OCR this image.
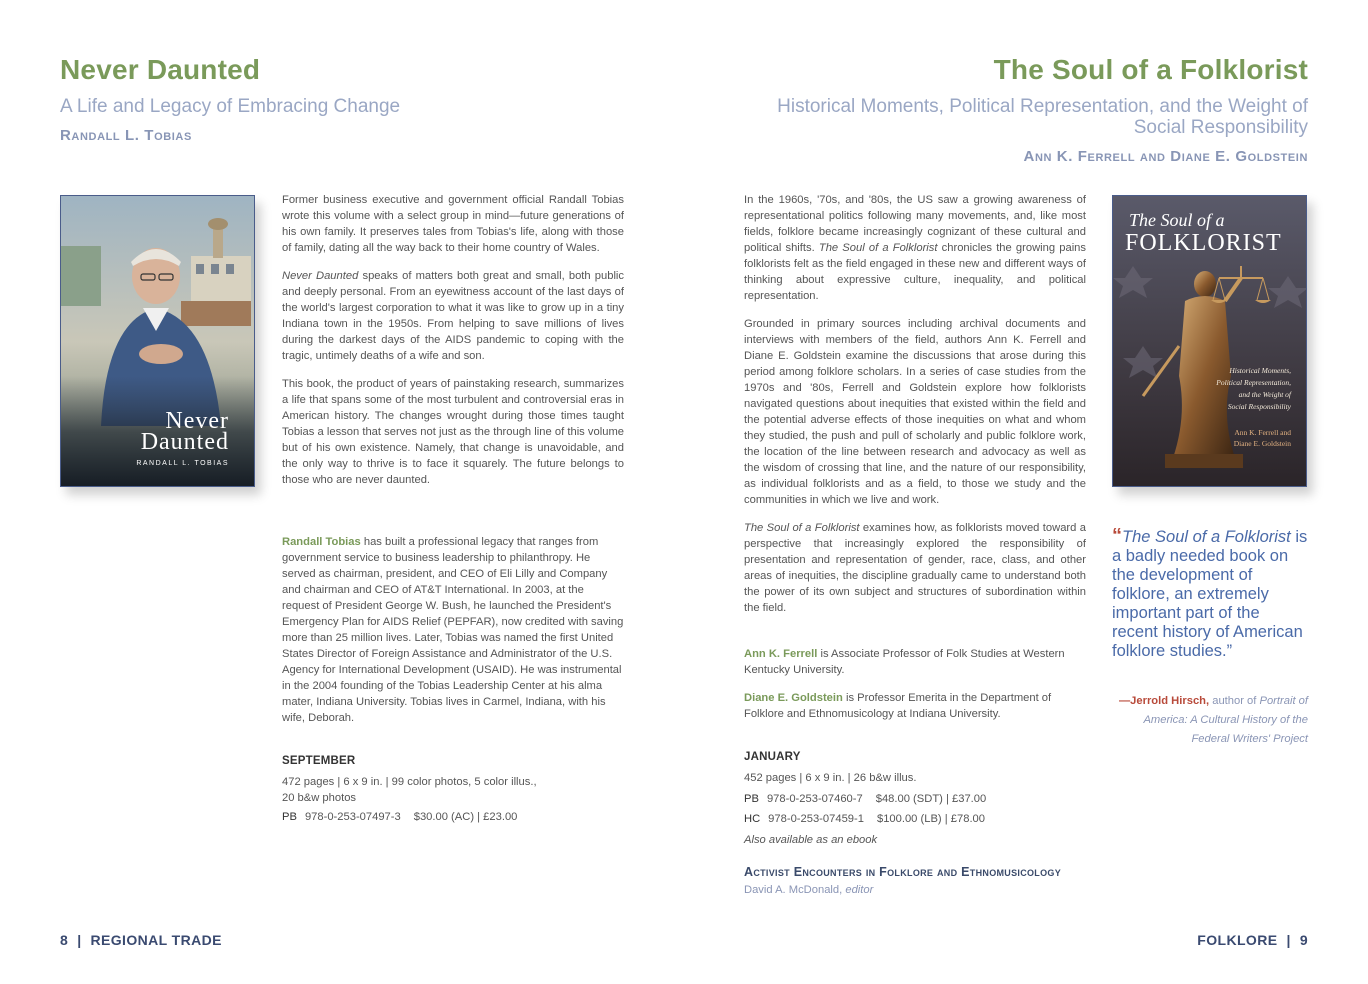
Never Daunted
A Life and Legacy of Embracing Change
Randall L. Tobias
Never
Daunted
RANDALL L. TOBIAS

Former business executive and government official Randall Tobias wrote this volume with a select group in mind—future generations of his own family. It preserves tales from Tobias's life, along with those of family, dating all the way back to their home country of Wales.

Never Daunted speaks of matters both great and small, both public and deeply personal. From an eyewitness account of the last days of the world's largest corporation to what it was like to grow up in a tiny Indiana town in the 1950s. From helping to save millions of lives during the darkest days of the AIDS pandemic to coping with the tragic, untimely deaths of a wife and son.

This book, the product of years of painstaking research, summarizes a life that spans some of the most turbulent and controversial eras in American history. The changes wrought during those times taught Tobias a lesson that serves not just as the through line of this volume but of his own existence. Namely, that change is unavoidable, and the only way to thrive is to face it squarely. The future belongs to those who are never daunted.

Randall Tobias has built a professional legacy that ranges from government service to business leadership to philanthropy. He served as chairman, president, and CEO of Eli Lilly and Company and chairman and CEO of AT&T International. In 2003, at the request of President George W. Bush, he launched the President's Emergency Plan for AIDS Relief (PEPFAR), now credited with saving more than 25 million lives. Later, Tobias was named the first United States Director of Foreign Assistance and Administrator of the U.S. Agency for International Development (USAID). He was instrumental in the 2004 founding of the Tobias Leadership Center at his alma mater, Indiana University. Tobias lives in Carmel, Indiana, with his wife, Deborah.

SEPTEMBER
472 pages | 6 x 9 in. | 99 color photos, 5 color illus.,
20 b&w photos
PB 978-0-253-07497-3 $30.00 (AC) | £23.00
The Soul of a Folklorist
Historical Moments, Political Representation, and the Weight of Social Responsibility
Ann K. Ferrell and Diane E. Goldstein

In the 1960s, '70s, and '80s, the US saw a growing awareness of representational politics following many movements, and, like most fields, folklore became increasingly cognizant of these cultural and political shifts. The Soul of a Folklorist chronicles the growing pains folklorists felt as the field engaged in these new and different ways of thinking about expressive culture, inequality, and political representation.

Grounded in primary sources including archival documents and interviews with members of the field, authors Ann K. Ferrell and Diane E. Goldstein examine the discussions that arose during this period among folklore scholars. In a series of case studies from the 1970s and '80s, Ferrell and Goldstein explore how folklorists navigated questions about inequities that existed within the field and the potential adverse effects of those inequities on what and whom they studied, the push and pull of scholarly and public folklore work, the location of the line between research and advocacy as well as the wisdom of crossing that line, and the nature of our responsibility, as individual folklorists and as a field, to those we study and the communities in which we live and work.

The Soul of a Folklorist examines how, as folklorists moved toward a perspective that increasingly explored the responsibility of presentation and representation of gender, race, class, and other areas of inequities, the discipline gradually came to understand both the power of its own subject and structures of subordination within the field.

Ann K. Ferrell is Associate Professor of Folk Studies at Western Kentucky University.

Diane E. Goldstein is Professor Emerita in the Department of Folklore and Ethnomusicology at Indiana University.

JANUARY
452 pages | 6 x 9 in. | 26 b&w illus.
PB 978-0-253-07460-7 $48.00 (SDT) | £37.00
HC 978-0-253-07459-1 $100.00 (LB) | £78.00
Also available as an ebook
Activist Encounters in Folklore and Ethnomusicology
David A. McDonald, editor
The Soul of a
FOLKLORIST
Historical Moments,
Political Representation,
and the Weight of
Social Responsibility
Ann K. Ferrell and
Diane E. Goldstein
“The Soul of a Folklorist is a badly needed book on the development of folklore, an extremely important part of the recent history of American folklore studies.”
—Jerrold Hirsch, author of Portrait of America: A Cultural History of the Federal Writers' Project
8 | REGIONAL TRADE	FOLKLORE | 9
